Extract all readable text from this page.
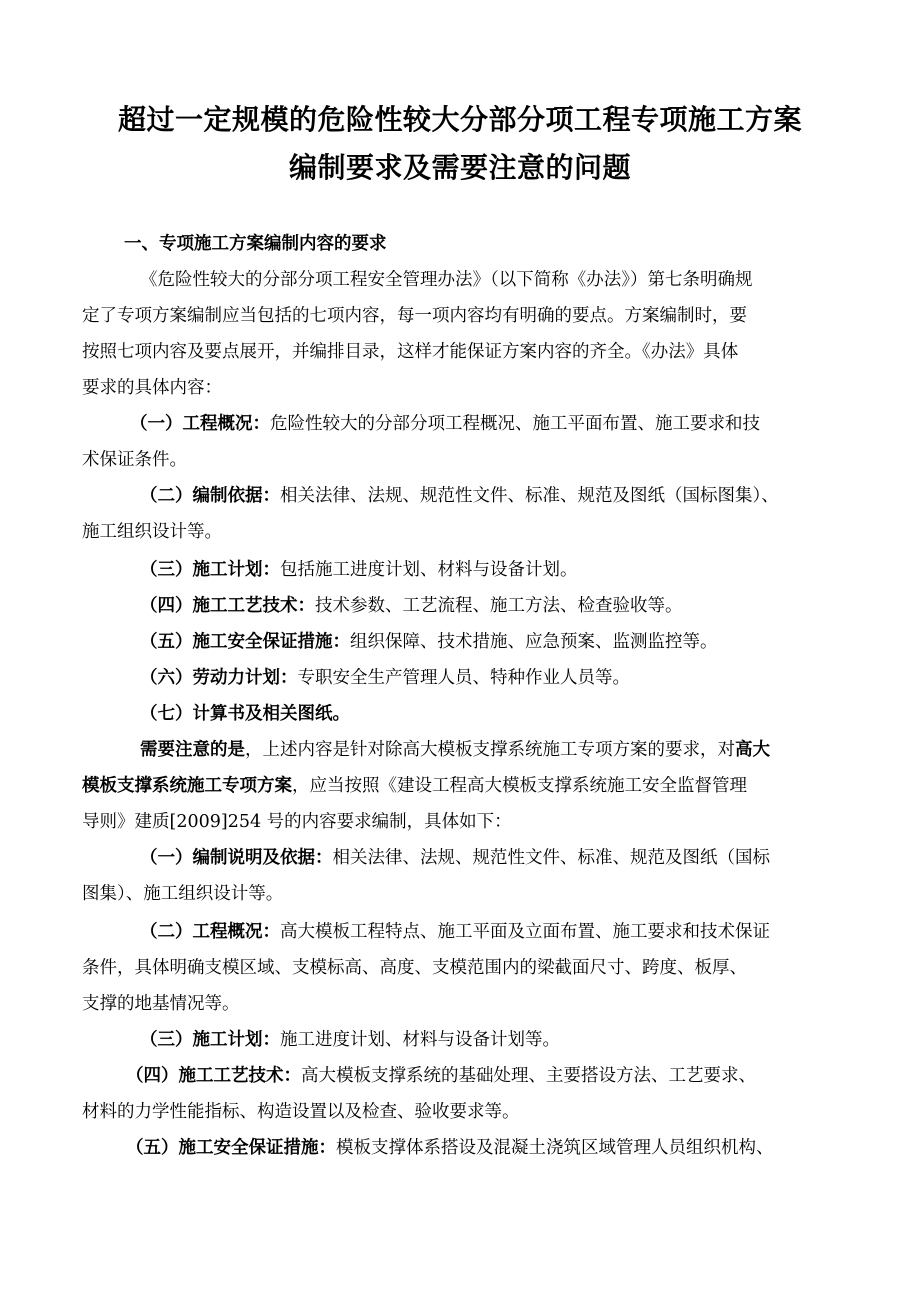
超过一定规模的危险性较大分部分项工程专项施工方案
编制要求及需要注意的问题
一、专项施工方案编制内容的要求
《危险性较大的分部分项工程安全管理办法》（以下简称《办法》）第七条明确规
定了专项方案编制应当包括的七项内容，每一项内容均有明确的要点。方案编制时，要
按照七项内容及要点展开，并编排目录，这样才能保证方案内容的齐全。《办法》具体
要求的具体内容：
（一）工程概况：危险性较大的分部分项工程概况、施工平面布置、施工要求和技
术保证条件。
（二）编制依据：相关法律、法规、规范性文件、标准、规范及图纸（国标图集）、
施工组织设计等。
（三）施工计划：包括施工进度计划、材料与设备计划。
（四）施工工艺技术：技术参数、工艺流程、施工方法、检查验收等。
（五）施工安全保证措施：组织保障、技术措施、应急预案、监测监控等。
（六）劳动力计划：专职安全生产管理人员、特种作业人员等。
（七）计算书及相关图纸。
需要注意的是，上述内容是针对除高大模板支撑系统施工专项方案的要求，对高大
模板支撑系统施工专项方案，应当按照《建设工程高大模板支撑系统施工安全监督管理
导则》建质[2009]254 号的内容要求编制，具体如下：
（一）编制说明及依据：相关法律、法规、规范性文件、标准、规范及图纸（国标
图集）、施工组织设计等。
（二）工程概况：高大模板工程特点、施工平面及立面布置、施工要求和技术保证
条件，具体明确支模区域、支模标高、高度、支模范围内的梁截面尺寸、跨度、板厚、
支撑的地基情况等。
（三）施工计划：施工进度计划、材料与设备计划等。
（四）施工工艺技术：高大模板支撑系统的基础处理、主要搭设方法、工艺要求、
材料的力学性能指标、构造设置以及检查、验收要求等。
（五）施工安全保证措施：模板支撑体系搭设及混凝土浇筑区域管理人员组织机构、
